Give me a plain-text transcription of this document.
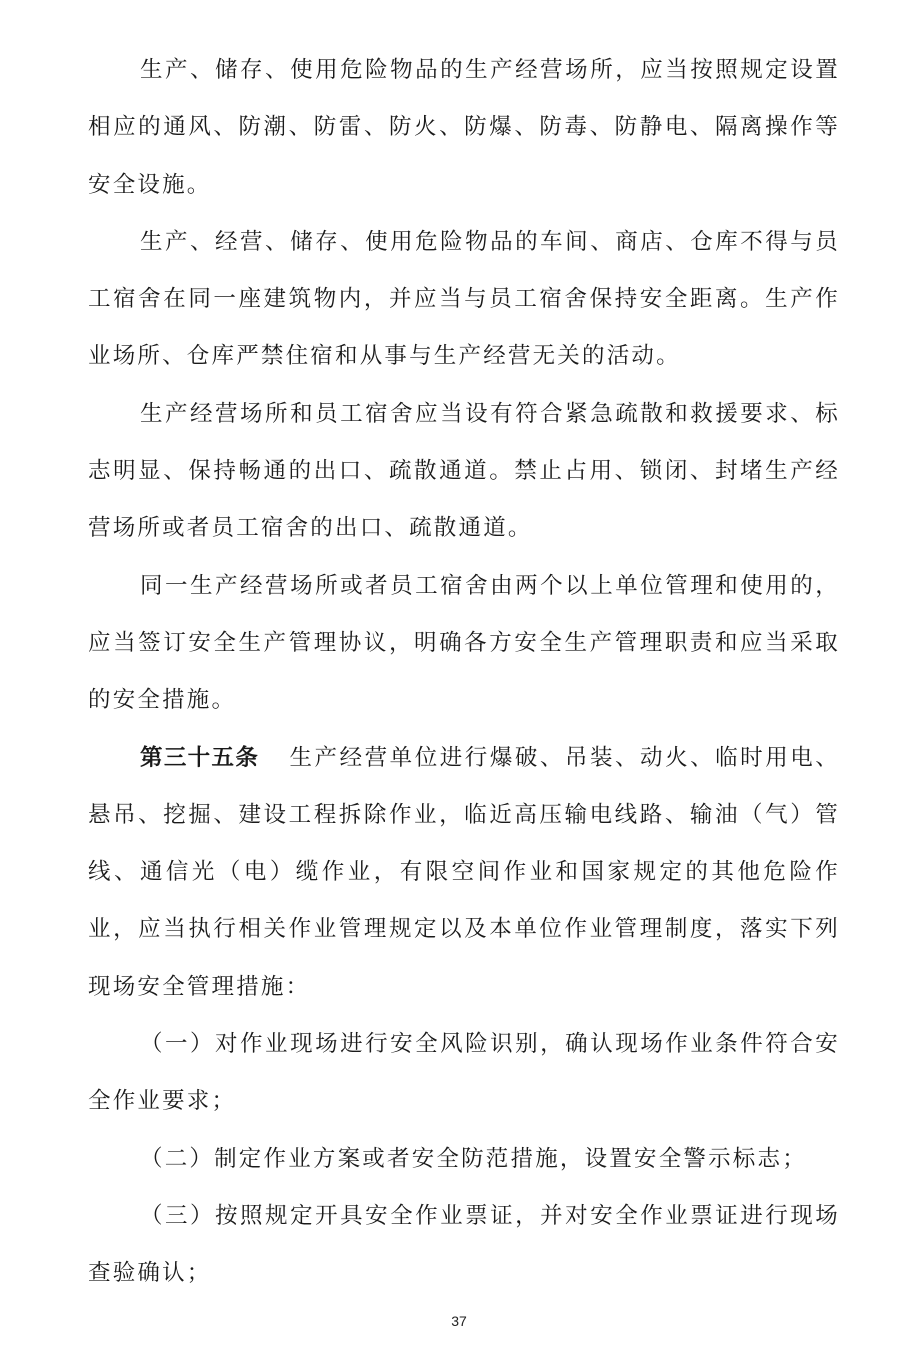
生产、储存、使用危险物品的生产经营场所，应当按照规定设置相应的通风、防潮、防雷、防火、防爆、防毒、防静电、隔离操作等安全设施。

生产、经营、储存、使用危险物品的车间、商店、仓库不得与员工宿舍在同一座建筑物内，并应当与员工宿舍保持安全距离。生产作业场所、仓库严禁住宿和从事与生产经营无关的活动。

生产经营场所和员工宿舍应当设有符合紧急疏散和救援要求、标志明显、保持畅通的出口、疏散通道。禁止占用、锁闭、封堵生产经营场所或者员工宿舍的出口、疏散通道。

同一生产经营场所或者员工宿舍由两个以上单位管理和使用的，应当签订安全生产管理协议，明确各方安全生产管理职责和应当采取的安全措施。

第三十五条 生产经营单位进行爆破、吊装、动火、临时用电、悬吊、挖掘、建设工程拆除作业，临近高压输电线路、输油（气）管线、通信光（电）缆作业，有限空间作业和国家规定的其他危险作业，应当执行相关作业管理规定以及本单位作业管理制度，落实下列现场安全管理措施：

（一）对作业现场进行安全风险识别，确认现场作业条件符合安全作业要求；

（二）制定作业方案或者安全防范措施，设置安全警示标志；

（三）按照规定开具安全作业票证，并对安全作业票证进行现场查验确认；

37
